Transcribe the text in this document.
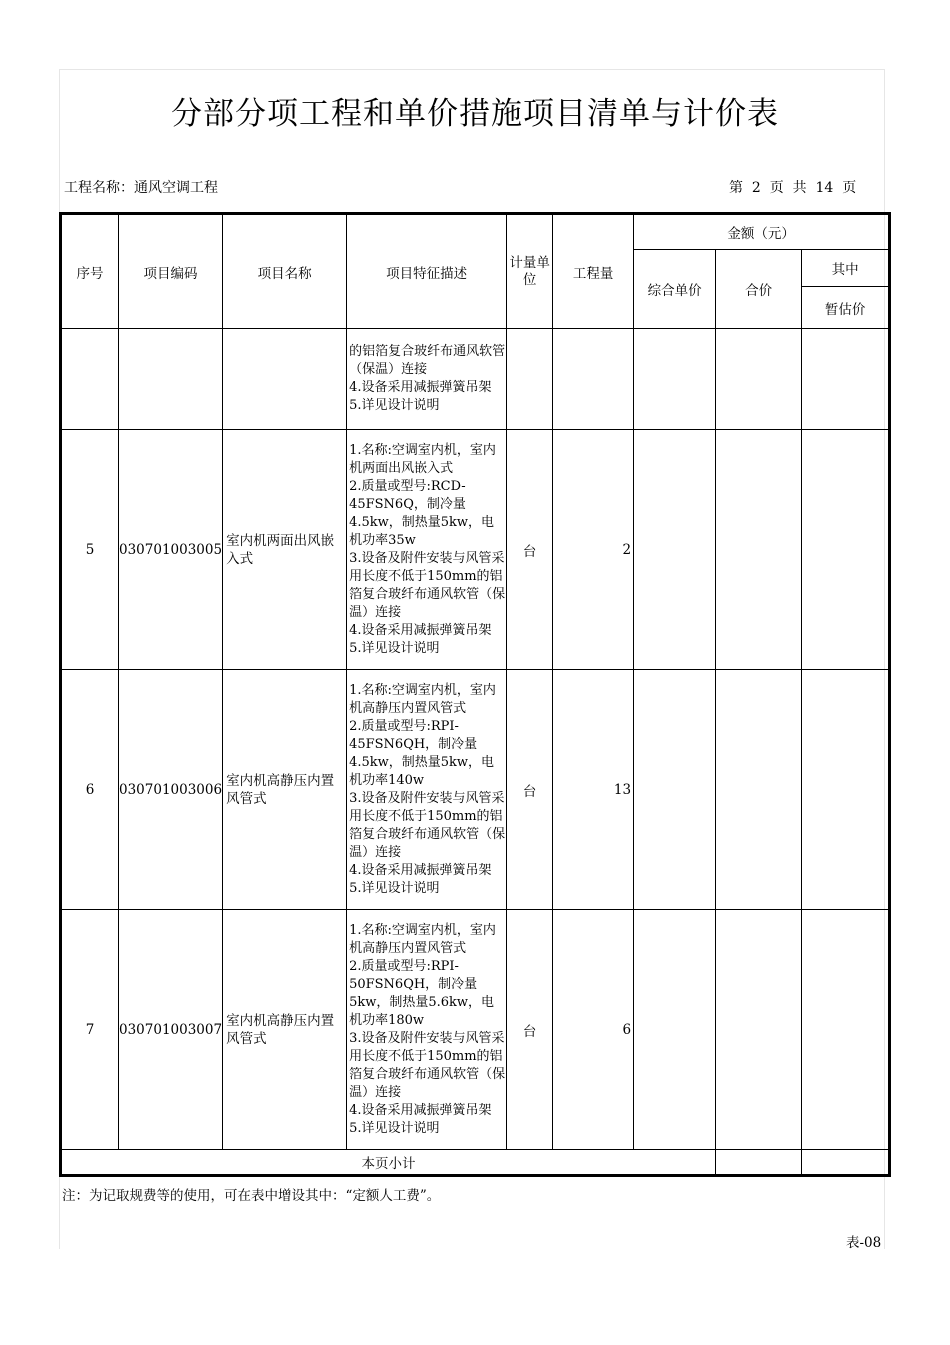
分部分项工程和单价措施项目清单与计价表
工程名称：通风空调工程	第  2  页  共  14  页
序号	项目编码	项目名称	项目特征描述	计量单位	工程量	金额（元）		
						综合单价	合价	其中
								暂估价
			的铝箔复合玻纤布通风软管（保温）连接
4.设备采用减振弹簧吊架
5.详见设计说明					
5	030701003005	室内机两面出风嵌入式	1.名称:空调室内机，室内机两面出风嵌入式
2.质量或型号:RCD-45FSN6Q，制冷量4.5kw，制热量5kw，电机功率35w
3.设备及附件安装与风管采用长度不低于150mm的铝箔复合玻纤布通风软管（保温）连接
4.设备采用减振弹簧吊架
5.详见设计说明	台	2			
6	030701003006	室内机高静压内置风管式	1.名称:空调室内机，室内机高静压内置风管式
2.质量或型号:RPI-45FSN6QH，制冷量4.5kw，制热量5kw，电机功率140w
3.设备及附件安装与风管采用长度不低于150mm的铝箔复合玻纤布通风软管（保温）连接
4.设备采用减振弹簧吊架
5.详见设计说明	台	13			
7	030701003007	室内机高静压内置风管式	1.名称:空调室内机，室内机高静压内置风管式
2.质量或型号:RPI-50FSN6QH，制冷量5kw，制热量5.6kw，电机功率180w
3.设备及附件安装与风管采用长度不低于150mm的铝箔复合玻纤布通风软管（保温）连接
4.设备采用减振弹簧吊架
5.详见设计说明	台	6			
本页小计								
注：为记取规费等的使用，可在表中增设其中：“定额人工费”。
表-08
